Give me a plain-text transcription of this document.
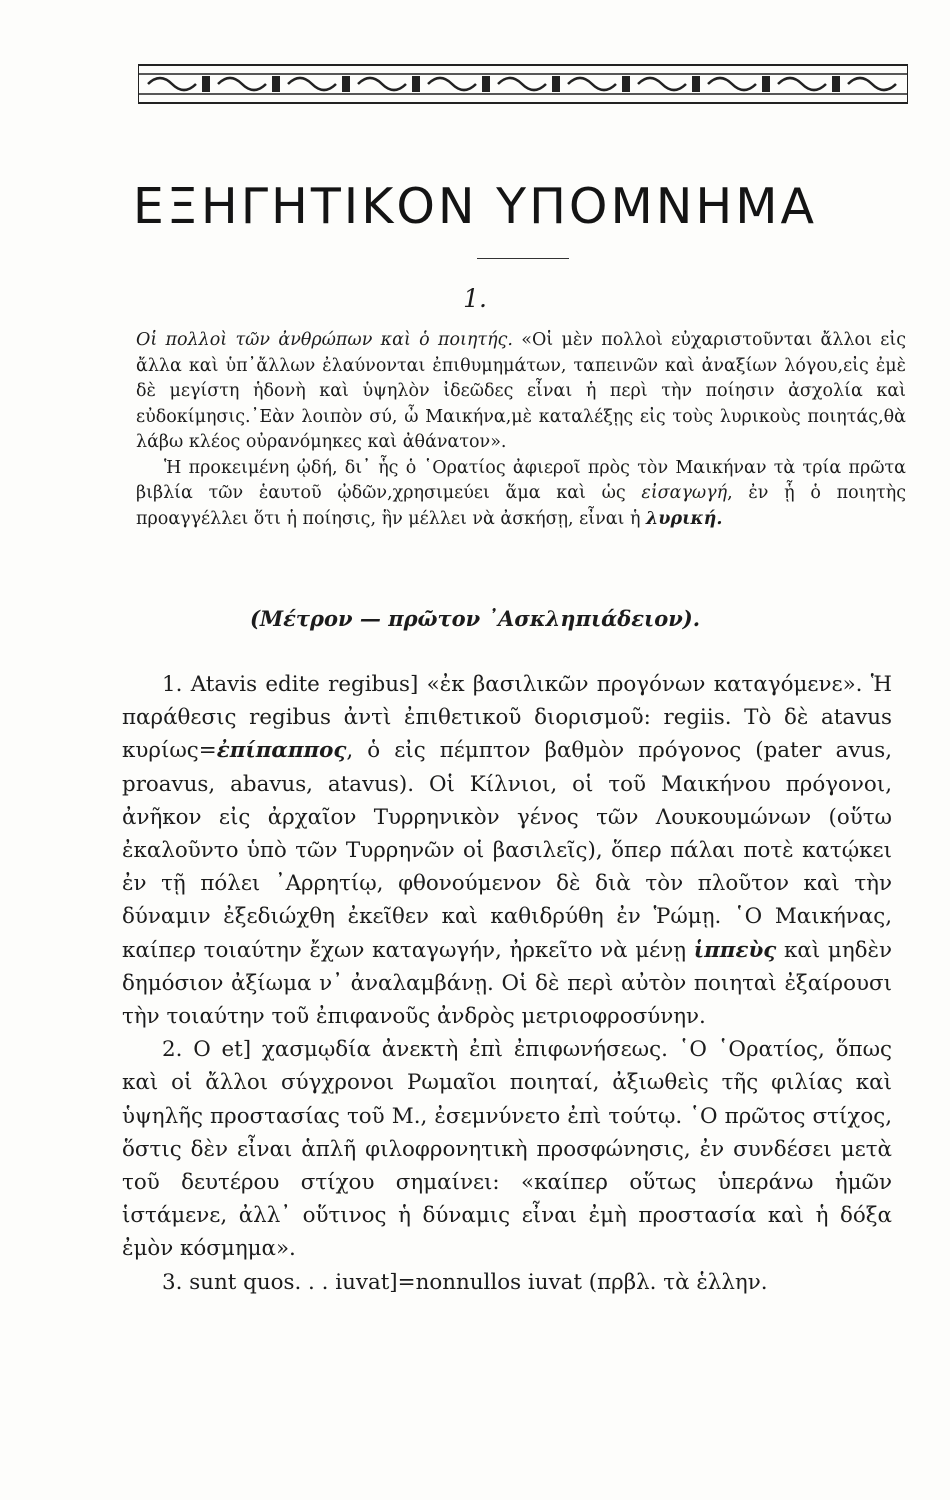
ΕΞΗΓΗΤΙΚΟΝ ΥΠΟΜΝΗΜΑ
1.

Οἱ πολλοὶ τῶν ἀνθρώπων καὶ ὁ ποιητής. «Οἱ μὲν πολλοὶ εὐχαριστοῦνται ἄλλοι εἰς ἄλλα καὶ ὑπ᾽ἄλλων ἐλαύνονται ἐπιθυμημάτων, ταπεινῶν καὶ ἀναξίων λόγου,εἰς ἐμὲ δὲ μεγίστη ἡδονὴ καὶ ὑψηλὸν ἰδεῶδες εἶναι ἡ περὶ τὴν ποίησιν ἀσχολία καὶ εὐδοκίμησις.᾽Εὰν λοιπὸν σύ, ὦ Μαικήνα,μὲ καταλέξῃς εἰς τοὺς λυρικοὺς ποιητάς,θὰ λάβω κλέος οὐρανόμηκες καὶ ἀθάνατον».

Ἡ προκειμένη ᾠδή, δι᾽ ἧς ὁ ῾Ορατίος ἀφιεροῖ πρὸς τὸν Μαικήναν τὰ τρία πρῶτα βιβλία τῶν ἑαυτοῦ ᾠδῶν,χρησιμεύει ἅμα καὶ ὡς εἰσαγωγή, ἐν ᾗ ὁ ποιητὴς προαγγέλλει ὅτι ἡ ποίησις, ἣν μέλλει νὰ ἀσκήσῃ, εἶναι ἡ λυρική.

(Μέτρον — πρῶτον ᾿Ασκληπιάδειον).

1. Atavis edite regibus] «ἐκ βασιλικῶν προγόνων καταγόμενε». Ἡ παράθεσις regibus ἀντὶ ἐπιθετικοῦ διορισμοῦ: regiis. Τὸ δὲ atavus κυρίως=ἐπίπαππος, ὁ εἰς πέμπτον βαθμὸν πρόγονος (pater avus, proavus, abavus, atavus). Οἱ Κίλνιοι, οἱ τοῦ Μαικήνου πρόγονοι, ἀνῆκον εἰς ἀρχαῖον Τυρρηνικὸν γένος τῶν Λουκουμώνων (οὕτω ἐκαλοῦντο ὑπὸ τῶν Τυρρηνῶν οἱ βασιλεῖς), ὅπερ πάλαι ποτὲ κατῴκει ἐν τῇ πόλει ᾿Αρρητίῳ, φθονούμενον δὲ διὰ τὸν πλοῦτον καὶ τὴν δύναμιν ἐξεδιώχθη ἐκεῖθεν καὶ καθιδρύθη ἐν Ῥώμῃ. ῾Ο Μαικήνας, καίπερ τοιαύτην ἔχων καταγωγήν, ἠρκεῖτο νὰ μένῃ ἱππεὺς καὶ μηδὲν δημόσιον ἀξίωμα ν᾽ ἀναλαμβάνῃ. Οἱ δὲ περὶ αὐτὸν ποιηταὶ ἐξαίρουσι τὴν τοιαύτην τοῦ ἐπιφανοῦς ἀνδρὸς μετριοφροσύνην.

2. O et] χασμῳδία ἀνεκτὴ ἐπὶ ἐπιφωνήσεως. ῾Ο ῾Ορατίος, ὅπως καὶ οἱ ἄλλοι σύγχρονοι Ρωμαῖοι ποιηταί, ἀξιωθεὶς τῆς φιλίας καὶ ὑψηλῆς προστασίας τοῦ Μ., ἐσεμνύνετο ἐπὶ τούτῳ. ῾Ο πρῶτος στίχος, ὅστις δὲν εἶναι ἁπλῆ φιλοφρονητικὴ προσφώνησις, ἐν συνδέσει μετὰ τοῦ δευτέρου στίχου σημαίνει: «καίπερ οὕτως ὑπεράνω ἡμῶν ἱστάμενε, ἀλλ᾽ οὕτινος ἡ δύναμις εἶναι ἐμὴ προστασία καὶ ἡ δόξα ἐμὸν κόσμημα».

3. sunt quos. . . iuvat]=nonnullos iuvat (πρβλ. τὰ ἑλλην.
